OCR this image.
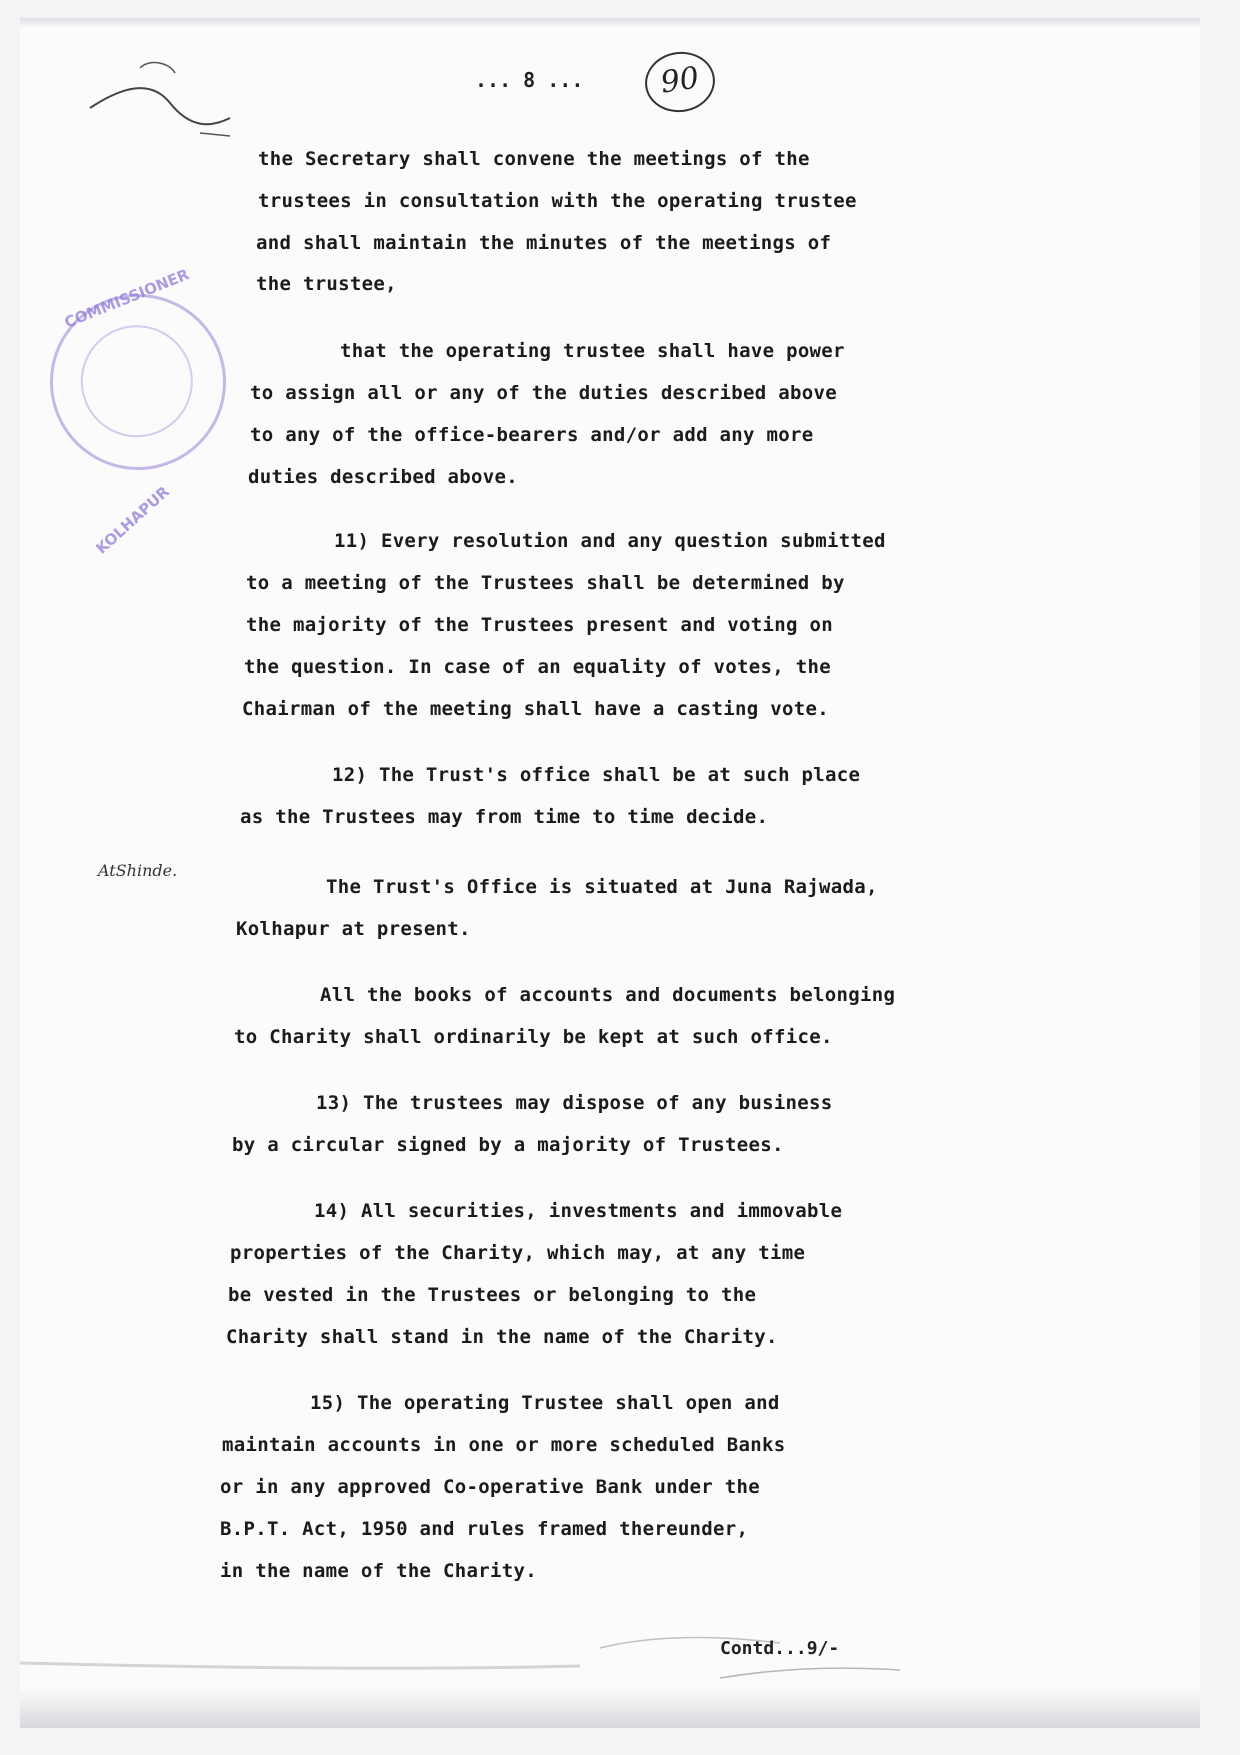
... 8 ...	90
COMMISSIONER
KOLHAPUR
AtShinde.
the Secretary shall convene the meetings of the
trustees in consultation with the operating trustee
and shall maintain the minutes of the meetings of
the trustee,
that the operating trustee shall have power
to assign all or any of the duties described above
to any of the office-bearers and/or add any more
duties described above.
11) Every resolution and any question submitted
to a meeting of the Trustees shall be determined by
the majority of the Trustees present and voting on
the question. In case of an equality of votes, the
Chairman of the meeting shall have a casting vote.
12) The Trust's office shall be at such place
as the Trustees may from time to time decide.
The Trust's Office is situated at Juna Rajwada,
Kolhapur at present.
All the books of accounts and documents belonging
to Charity shall ordinarily be kept at such office.
13) The trustees may dispose of any business
by a circular signed by a majority of Trustees.
14) All securities, investments and immovable
properties of the Charity, which may, at any time
be vested in the Trustees or belonging to the
Charity shall stand in the name of the Charity.
15) The operating Trustee shall open and
maintain accounts in one or more scheduled Banks
or in any approved Co-operative Bank under the
B.P.T. Act, 1950 and rules framed thereunder,
in the name of the Charity.
Contd...9/-
